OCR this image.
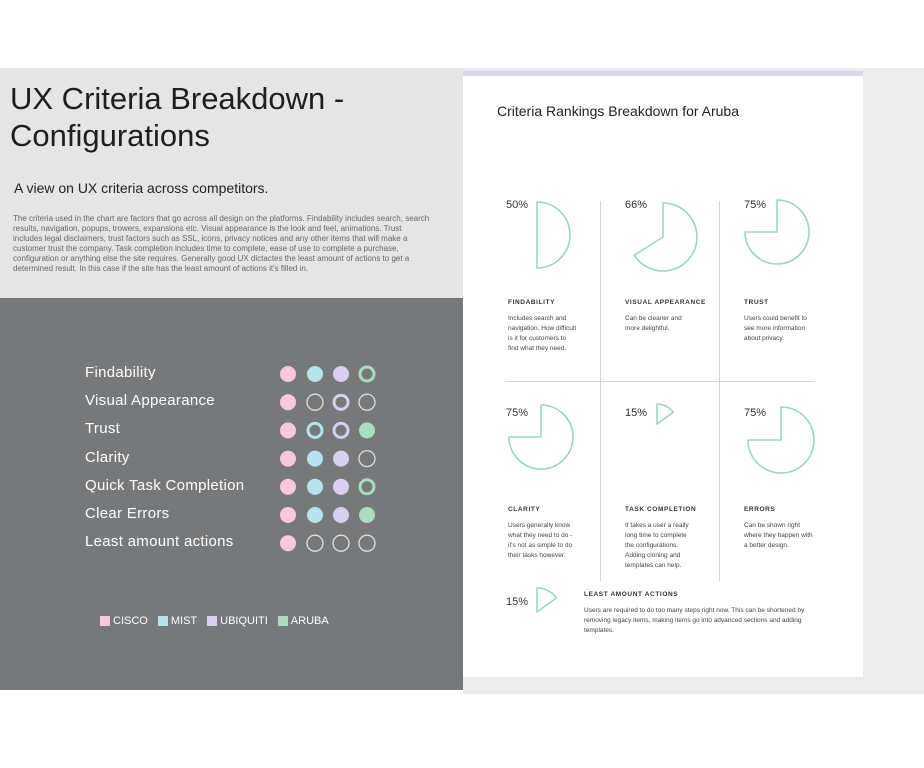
UX Criteria Breakdown - Configurations
A view on UX criteria across competitors.
The criteria used in the chart are factors that go across all design on the platforms. Findability includes search, search results, navigation, popups, trowers, expansions etc. Visual appearance is the look and feel, animations. Trust includes legal disclaimers, trust factors such as SSL, icons, privacy notices and any other items that will make a customer trust the company. Task completion includes time to complete, ease of use to complete a purchase, configuration or anything else the site requires. Generally good UX dictactes the least amount of actions to get a determined result. In this case if the site has the least amount of actions it's filled in.
Findability
Visual Appearance
Trust
Clarity
Quick Task Completion
Clear Errors
Least amount actions
CISCO MIST UBIQUITI ARUBA
Criteria Rankings Breakdown for Aruba
50%
FINDABILITY
Includes search and navigation. How difficult is it for customers to find what they need.
66%
VISUAL APPEARANCE
Can be cleaner and more delightful.
75%
TRUST
Users could benefit to see more information about privacy.
75%
CLARITY
Users generally know what they need to do - it's not as simple to do their tasks however.
15%
TASK COMPLETION
It takes a user a really long time to complete the configurations. Adding cloning and templates can help.
75%
ERRORS
Can be shown right where they happen with a better design.
15%
LEAST AMOUNT ACTIONS
Users are required to do too many steps right now. This can be shortened by removing legacy items, making items go into advanced sections and adding templates.
